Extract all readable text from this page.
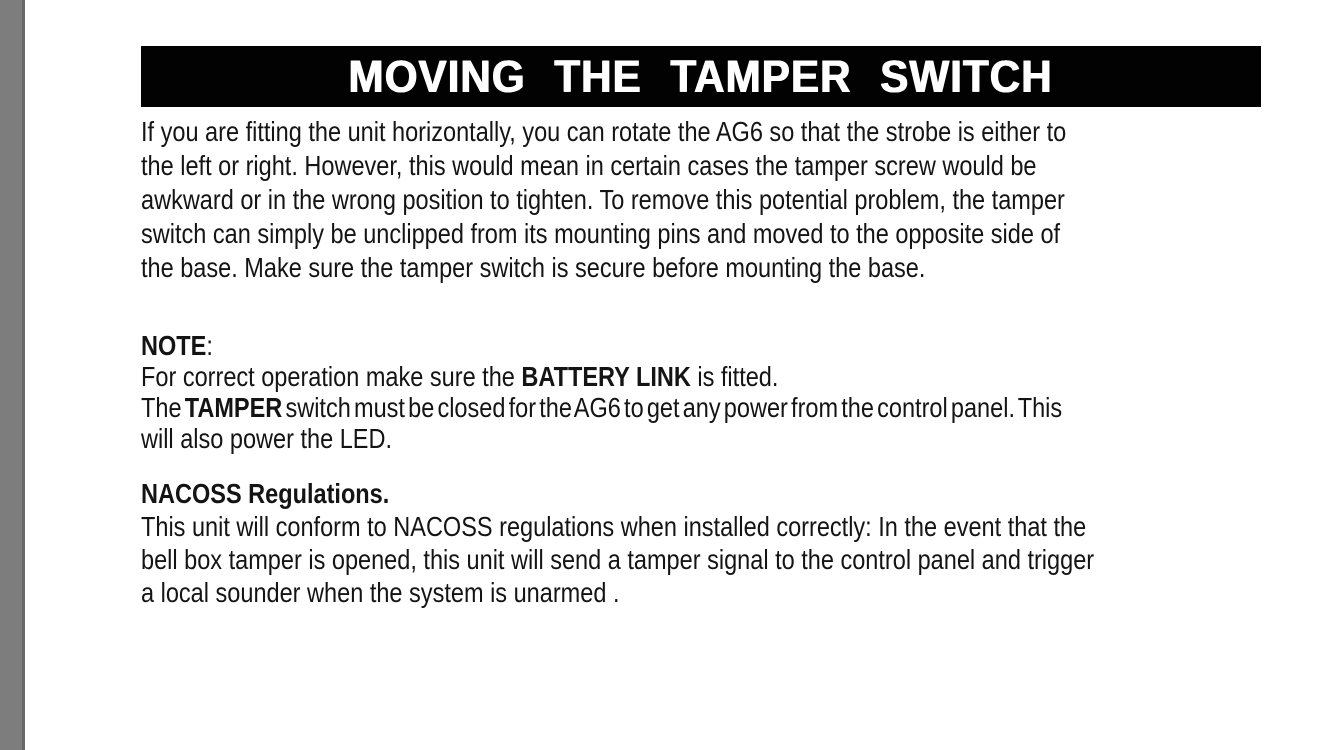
MOVING THE TAMPER SWITCH
If you are fitting the unit horizontally, you can rotate the AG6 so that the strobe is either to
the left or right. However, this would mean in certain cases the tamper screw would be
awkward or in the wrong position to tighten. To remove this potential problem, the tamper
switch can simply be unclipped from its mounting pins and moved to the opposite side of
the base. Make sure the tamper switch is secure before mounting the base.
NOTE:
For correct operation make sure the BATTERY LINK is fitted.
The TAMPER switch must be closed for the AG6 to get any power from the control panel. This
will also power the LED.
NACOSS Regulations.
This unit will conform to NACOSS regulations when installed correctly: In the event that the
bell box tamper is opened, this unit will send a tamper signal to the control panel and trigger
a local sounder when the system is unarmed .
